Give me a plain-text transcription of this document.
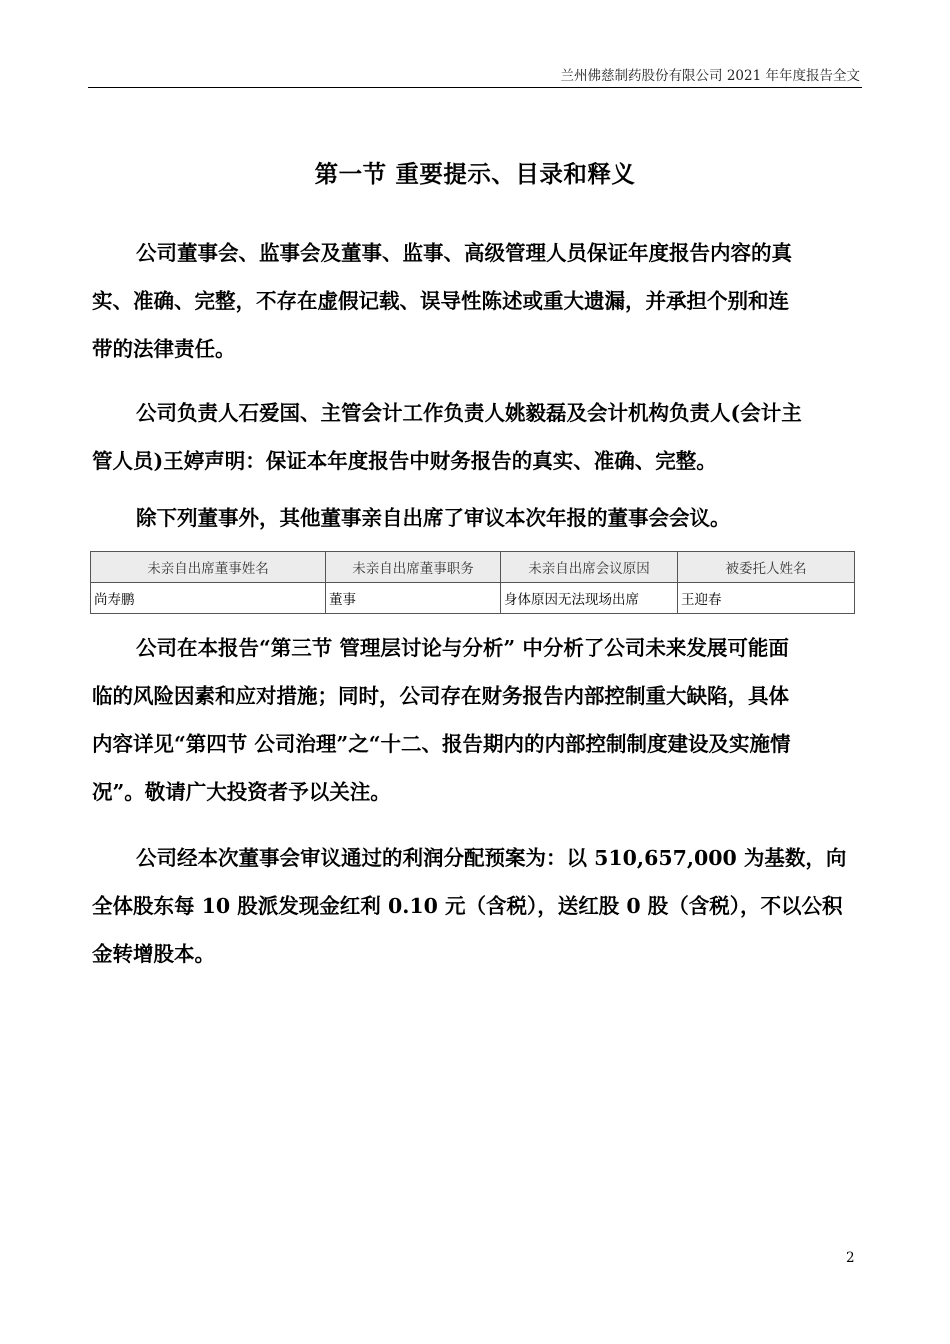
兰州佛慈制药股份有限公司 2021 年年度报告全文
第一节 重要提示、目录和释义
公司董事会、监事会及董事、监事、高级管理人员保证年度报告内容的真
实、准确、完整，不存在虚假记载、误导性陈述或重大遗漏，并承担个别和连
带的法律责任。
公司负责人石爱国、主管会计工作负责人姚毅磊及会计机构负责人(会计主
管人员)王婷声明：保证本年度报告中财务报告的真实、准确、完整。
除下列董事外，其他董事亲自出席了审议本次年报的董事会会议。
未亲自出席董事姓名	未亲自出席董事职务	未亲自出席会议原因	被委托人姓名
尚寿鹏	董事	身体原因无法现场出席	王迎春
公司在本报告“第三节 管理层讨论与分析” 中分析了公司未来发展可能面
临的风险因素和应对措施；同时，公司存在财务报告内部控制重大缺陷，具体
内容详见“第四节 公司治理”之“十二、报告期内的内部控制制度建设及实施情
况”。敬请广大投资者予以关注。
公司经本次董事会审议通过的利润分配预案为：以 510,657,000 为基数，向
全体股东每 10 股派发现金红利 0.10 元（含税），送红股 0 股（含税），不以公积
金转增股本。
2
